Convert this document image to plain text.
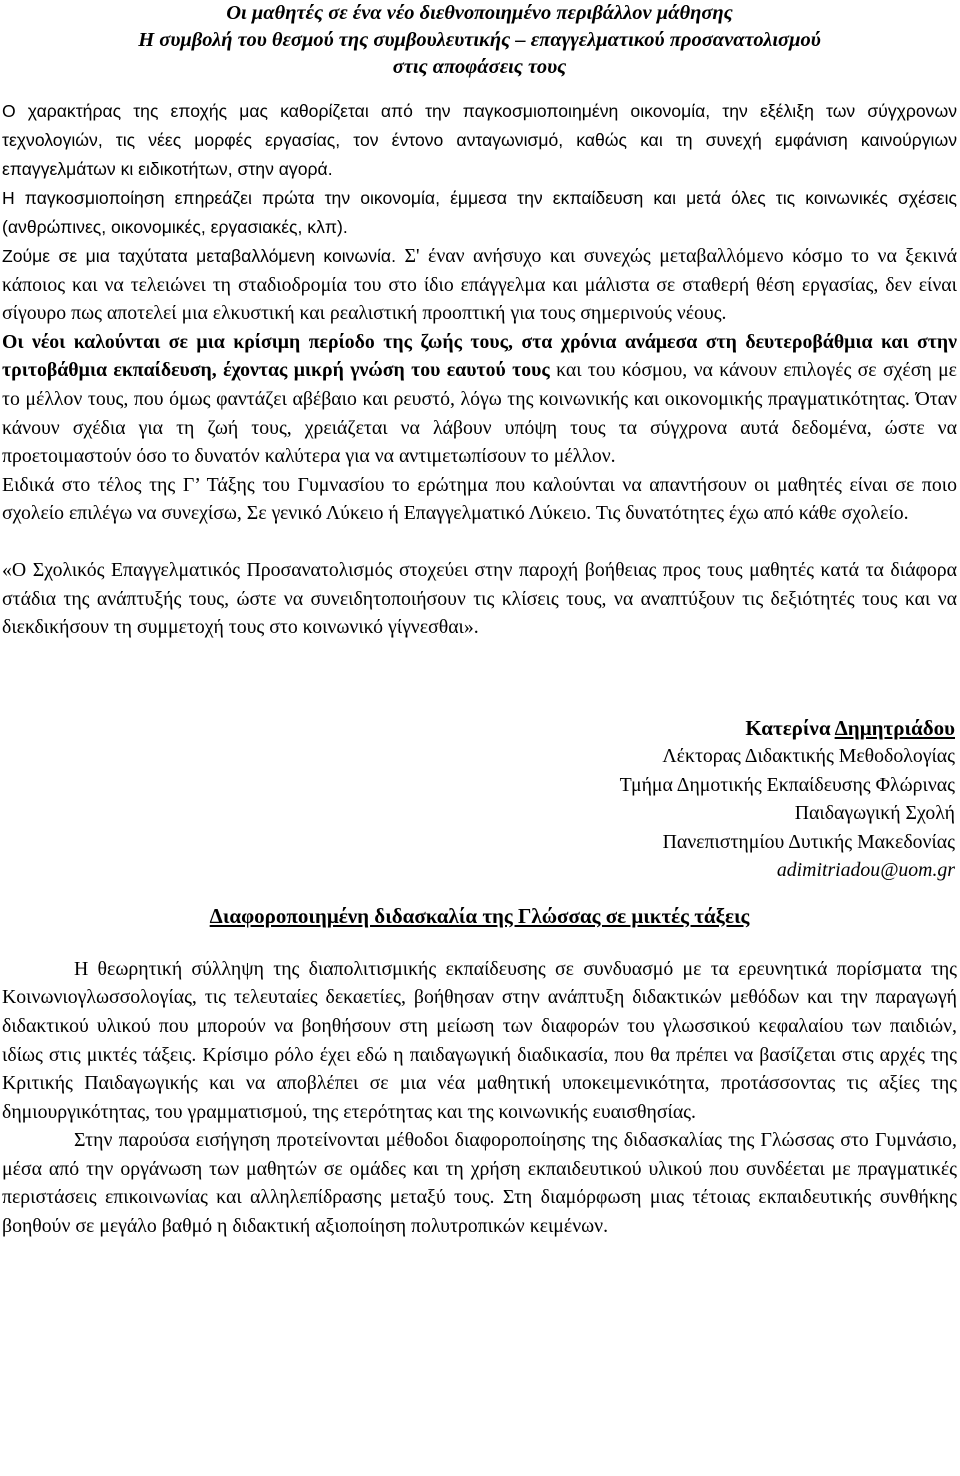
Οι μαθητές σε ένα νέο διεθνοποιημένο περιβάλλον μάθησης
Η συμβολή του θεσμού της συμβουλευτικής – επαγγελματικού προσανατολισμού
στις αποφάσεις τους

Ο χαρακτήρας της εποχής μας καθορίζεται από την παγκοσμιοποιημένη οικονομία, την εξέλιξη των σύγχρονων τεχνολογιών, τις νέες μορφές εργασίας, τον έντονο ανταγωνισμό, καθώς και τη συνεχή εμφάνιση καινούργιων επαγγελμάτων κι ειδικοτήτων, στην αγορά.

Η παγκοσμιοποίηση επηρεάζει πρώτα την οικονομία, έμμεσα την εκπαίδευση και μετά όλες τις κοινωνικές σχέσεις (ανθρώπινες, οικονομικές, εργασιακές, κλπ).

Ζούμε σε μια ταχύτατα μεταβαλλόμενη κοινωνία. Σ' έναν ανήσυχο και συνεχώς μεταβαλλόμενο κόσμο το να ξεκινά κάποιος και να τελειώνει τη σταδιοδρομία του στο ίδιο επάγγελμα και μάλιστα σε σταθερή θέση εργασίας, δεν είναι σίγουρο πως αποτελεί μια ελκυστική και ρεαλιστική προοπτική για τους σημερινούς νέους.

Οι νέοι καλούνται σε μια κρίσιμη περίοδο της ζωής τους, στα χρόνια ανάμεσα στη δευτεροβάθμια και στην τριτοβάθμια εκπαίδευση, έχοντας μικρή γνώση του εαυτού τους και του κόσμου, να κάνουν επιλογές σε σχέση με το μέλλον τους, που όμως φαντάζει αβέβαιο και ρευστό, λόγω της κοινωνικής και οικονομικής πραγματικότητας. Όταν κάνουν σχέδια για τη ζωή τους, χρειάζεται να λάβουν υπόψη τους τα σύγχρονα αυτά δεδομένα, ώστε να προετοιμαστούν όσο το δυνατόν καλύτερα για να αντιμετωπίσουν το μέλλον.

Ειδικά στο τέλος της Γ’ Τάξης του Γυμνασίου το ερώτημα που καλούνται να απαντήσουν οι μαθητές είναι σε ποιο σχολείο επιλέγω να συνεχίσω, Σε γενικό Λύκειο ή Επαγγελματικό Λύκειο. Τις δυνατότητες έχω από κάθε σχολείο.

«Ο Σχολικός Επαγγελματικός Προσανατολισμός στοχεύει στην παροχή βοήθειας προς τους μαθητές κατά τα διάφορα στάδια της ανάπτυξής τους, ώστε να συνειδητοποιήσουν τις κλίσεις τους, να αναπτύξουν τις δεξιότητές τους και να διεκδικήσουν τη συμμετοχή τους στο κοινωνικό γίγνεσθαι».

Κατερίνα Δημητριάδου
Λέκτορας Διδακτικής Μεθοδολογίας
Τμήμα Δημοτικής Εκπαίδευσης Φλώρινας
Παιδαγωγική Σχολή
Πανεπιστημίου Δυτικής Μακεδονίας
adimitriadou@uom.gr
Διαφοροποιημένη διδασκαλία της Γλώσσας σε μικτές τάξεις

Η θεωρητική σύλληψη της διαπολιτισμικής εκπαίδευσης σε συνδυασμό με τα ερευνητικά πορίσματα της Κοινωνιογλωσσολογίας, τις τελευταίες δεκαετίες, βοήθησαν στην ανάπτυξη διδακτικών μεθόδων και την παραγωγή διδακτικού υλικού που μπορούν να βοηθήσουν στη μείωση των διαφορών του γλωσσικού κεφαλαίου των παιδιών, ιδίως στις μικτές τάξεις. Κρίσιμο ρόλο έχει εδώ η παιδαγωγική διαδικασία, που θα πρέπει να βασίζεται στις αρχές της Κριτικής Παιδαγωγικής και να αποβλέπει σε μια νέα μαθητική υποκειμενικότητα, προτάσσοντας τις αξίες της δημιουργικότητας, του γραμματισμού, της ετερότητας και της κοινωνικής ευαισθησίας.

Στην παρούσα εισήγηση προτείνονται μέθοδοι διαφοροποίησης της διδασκαλίας της Γλώσσας στο Γυμνάσιο, μέσα από την οργάνωση των μαθητών σε ομάδες και τη χρήση εκπαιδευτικού υλικού που συνδέεται με πραγματικές περιστάσεις επικοινωνίας και αλληλεπίδρασης μεταξύ τους. Στη διαμόρφωση μιας τέτοιας εκπαιδευτικής συνθήκης βοηθούν σε μεγάλο βαθμό η διδακτική αξιοποίηση πολυτροπικών κειμένων.
